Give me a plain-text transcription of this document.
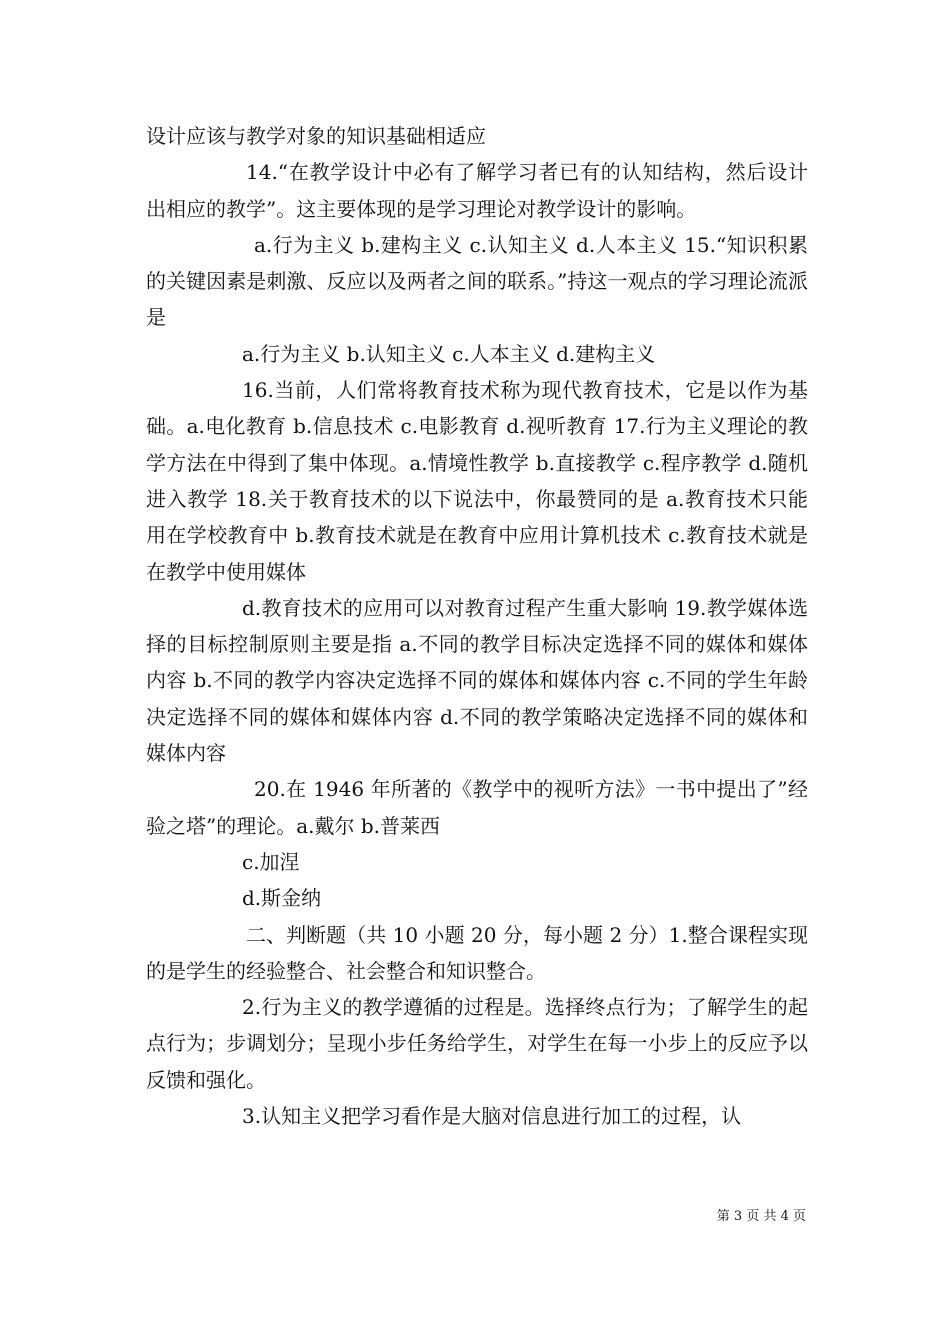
设计应该与教学对象的知识基础相适应

14.“在教学设计中必有了解学习者已有的认知结构，然后设计出相应的教学”。这主要体现的是学习理论对教学设计的影响。

a.行为主义 b.建构主义 c.认知主义 d.人本主义 15.“知识积累的关键因素是刺激、反应以及两者之间的联系。”持这一观点的学习理论流派是

a.行为主义 b.认知主义 c.人本主义 d.建构主义

16.当前，人们常将教育技术称为现代教育技术，它是以作为基础。a.电化教育 b.信息技术 c.电影教育 d.视听教育 17.行为主义理论的教学方法在中得到了集中体现。a.情境性教学 b.直接教学 c.程序教学 d.随机进入教学 18.关于教育技术的以下说法中，你最赞同的是 a.教育技术只能用在学校教育中 b.教育技术就是在教育中应用计算机技术 c.教育技术就是在教学中使用媒体

d.教育技术的应用可以对教育过程产生重大影响 19.教学媒体选择的目标控制原则主要是指 a.不同的教学目标决定选择不同的媒体和媒体内容 b.不同的教学内容决定选择不同的媒体和媒体内容 c.不同的学生年龄决定选择不同的媒体和媒体内容 d.不同的教学策略决定选择不同的媒体和媒体内容

20.在 1946 年所著的《教学中的视听方法》一书中提出了”经验之塔”的理论。a.戴尔 b.普莱西

c.加涅

d.斯金纳

二、判断题（共 10 小题 20 分，每小题 2 分）1.整合课程实现的是学生的经验整合、社会整合和知识整合。

2.行为主义的教学遵循的过程是。选择终点行为；了解学生的起点行为；步调划分；呈现小步任务给学生，对学生在每一小步上的反应予以反馈和强化。

3.认知主义把学习看作是大脑对信息进行加工的过程，认

第 3 页 共 4 页
